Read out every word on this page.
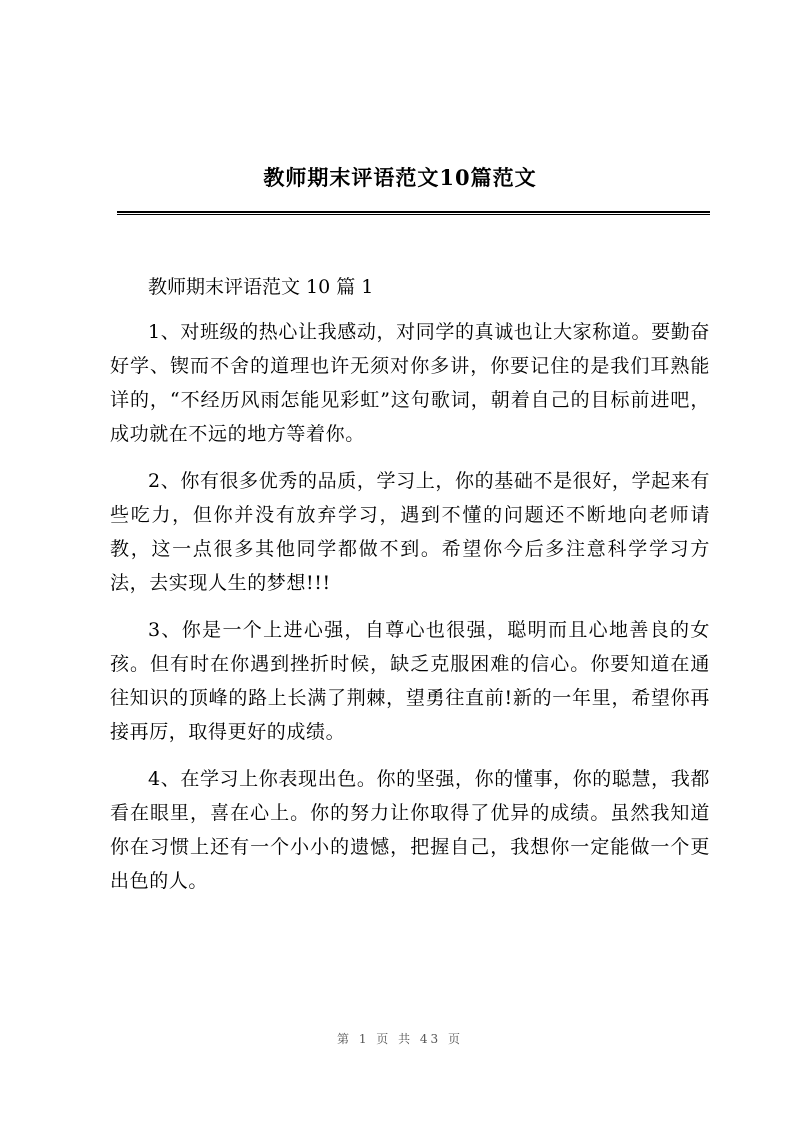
教师期末评语范文10篇范文

教师期末评语范文 10 篇 1

1、对班级的热心让我感动，对同学的真诚也让大家称道。要勤奋好学、锲而不舍的道理也许无须对你多讲，你要记住的是我们耳熟能详的，“不经历风雨怎能见彩虹”这句歌词，朝着自己的目标前进吧，成功就在不远的地方等着你。

2、你有很多优秀的品质，学习上，你的基础不是很好，学起来有些吃力，但你并没有放弃学习，遇到不懂的问题还不断地向老师请教，这一点很多其他同学都做不到。希望你今后多注意科学学习方法，去实现人生的梦想!!!

3、你是一个上进心强，自尊心也很强，聪明而且心地善良的女孩。但有时在你遇到挫折时候，缺乏克服困难的信心。你要知道在通往知识的顶峰的路上长满了荆棘，望勇往直前!新的一年里，希望你再接再厉，取得更好的成绩。

4、在学习上你表现出色。你的坚强，你的懂事，你的聪慧，我都看在眼里，喜在心上。你的努力让你取得了优异的成绩。虽然我知道你在习惯上还有一个小小的遗憾，把握自己，我想你一定能做一个更出色的人。

第 1 页 共 43 页
